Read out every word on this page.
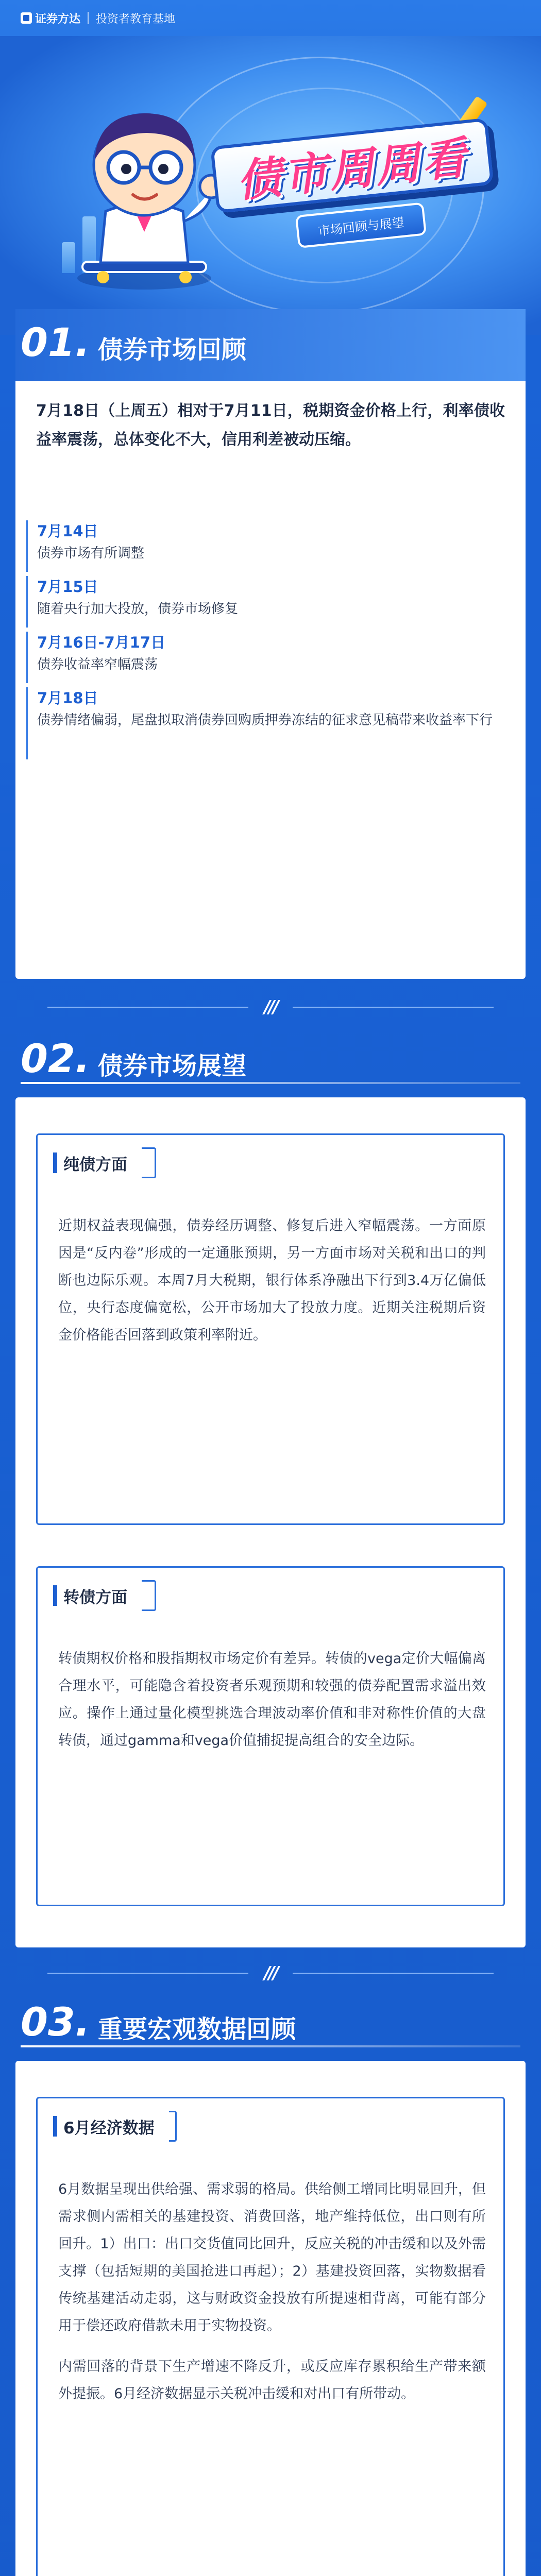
证券方达 投资者教育基地
债市周周看
市场回顾与展望
01. 债券市场回顾
7月18日（上周五）相对于7月11日，税期资金价格上行，利率债收益率震荡，总体变化不大，信用利差被动压缩。
7月14日
债券市场有所调整
7月15日
随着央行加大投放，债券市场修复
7月16日-7月17日
债券收益率窄幅震荡
7月18日
债券情绪偏弱，尾盘拟取消债券回购质押券冻结的征求意见稿带来收益率下行
///
02. 债券市场展望
纯债方面

近期权益表现偏强，债券经历调整、修复后进入窄幅震荡。一方面原因是“反内卷”形成的一定通胀预期，另一方面市场对关税和出口的判断也边际乐观。本周7月大税期，银行体系净融出下行到3.4万亿偏低位，央行态度偏宽松，公开市场加大了投放力度。近期关注税期后资金价格能否回落到政策利率附近。

转债方面

转债期权价格和股指期权市场定价有差异。转债的vega定价大幅偏离合理水平，可能隐含着投资者乐观预期和较强的债券配置需求溢出效应。操作上通过量化模型挑选合理波动率价值和非对称性价值的大盘转债，通过gamma和vega价值捕捉提高组合的安全边际。

///
03. 重要宏观数据回顾
6月经济数据

6月数据呈现出供给强、需求弱的格局。供给侧工增同比明显回升，但需求侧内需相关的基建投资、消费回落，地产维持低位，出口则有所回升。1）出口：出口交货值同比回升，反应关税的冲击缓和以及外需支撑（包括短期的美国抢进口再起）；2）基建投资回落，实物数据看传统基建活动走弱，这与财政资金投放有所提速相背离，可能有部分用于偿还政府借款未用于实物投资。

内需回落的背景下生产增速不降反升，或反应库存累积给生产带来额外提振。6月经济数据显示关税冲击缓和对出口有所带动。
